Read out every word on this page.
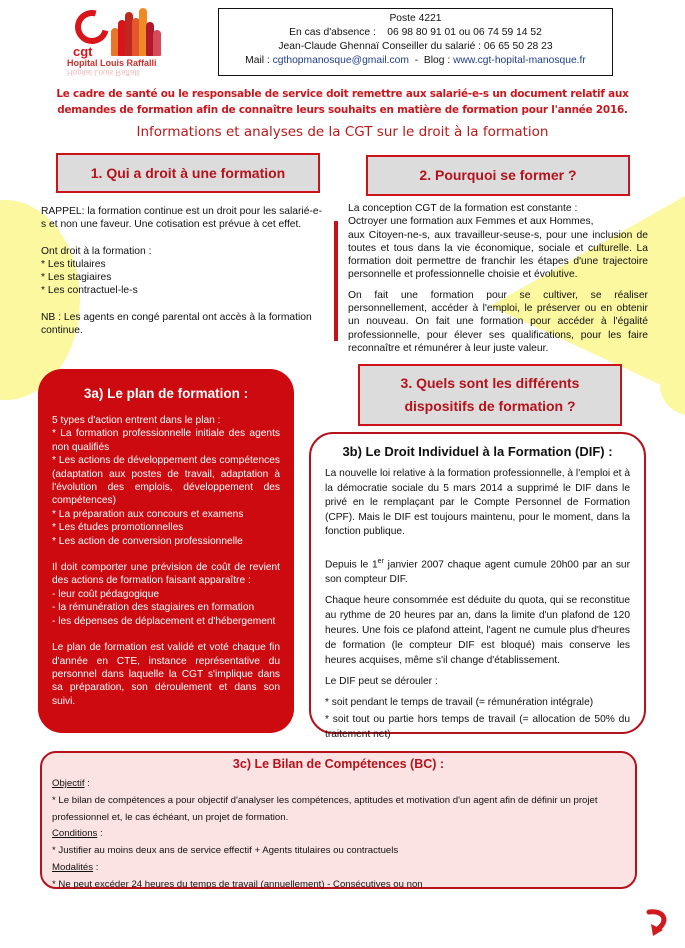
cgt
Hopital Louis Raffalli
Hopital Louis Raffalli
Poste 4221
En cas d'absence :    06 98 80 91 01 ou 06 74 59 14 52
Jean-Claude Ghennaï Conseiller du salarié : 06 65 50 28 23
Mail : cgthopmanosque@gmail.com  -  Blog : www.cgt-hopital-manosque.fr
Le cadre de santé ou le responsable de service doit remettre aux salarié-e-s un document relatif aux demandes de formation afin de connaître leurs souhaits en matière de formation pour l'année 2016.
Informations et analyses de la CGT sur le droit à la formation
1. Qui a droit à une formation

RAPPEL: la formation continue est un droit pour les salarié-e-s et non une faveur. Une cotisation est prévue à cet effet.

Ont droit à la formation :
* Les titulaires
* Les stagiaires
* Les contractuel-le-s

NB : Les agents en congé parental ont accès à la formation continue.

2. Pourquoi se former ?

La conception CGT de la formation est constante :
Octroyer une formation aux Femmes et aux Hommes,
aux Citoyen-ne-s, aux travailleur-seuse-s, pour une inclusion de toutes et tous dans la vie économique, sociale et culturelle. La formation doit permettre de franchir les étapes d'une trajectoire personnelle et professionnelle choisie et évolutive.

On fait une formation pour se cultiver, se réaliser personnellement, accéder à l'emploi, le préserver ou en obtenir un nouveau. On fait une formation pour accéder à l'égalité professionnelle, pour élever ses qualifications, pour les faire reconnaître et rémunérer à leur juste valeur.

3. Quels sont les différents
dispositifs de formation ?
3a) Le plan de formation :

5 types d'action entrent dans le plan :
* La formation professionnelle initiale des agents non qualifiés
* Les actions de développement des compétences (adaptation aux postes de travail, adaptation à l'évolution des emplois, développement des compétences)
* La préparation aux concours et examens
* Les études promotionnelles
* Les action de conversion professionnelle

Il doit comporter une prévision de coût de revient des actions de formation faisant apparaître :
- leur coût pédagogique
- la rémunération des stagiaires en formation
- les dépenses de déplacement et d'hébergement

Le plan de formation est validé et voté chaque fin d'année en CTE, instance représentative du personnel dans laquelle la CGT s'implique dans sa préparation, son déroulement et dans son suivi.

3b) Le Droit Individuel à la Formation (DIF) :

La nouvelle loi relative à la formation professionnelle, à l'emploi et à la démocratie sociale du 5 mars 2014 a supprimé le DIF dans le privé en le remplaçant par le Compte Personnel de Formation (CPF). Mais le DIF est toujours maintenu, pour le moment, dans la fonction publique.

Depuis le 1er janvier 2007 chaque agent cumule 20h00 par an sur son compteur DIF.

Chaque heure consommée est déduite du quota, qui se reconstitue au rythme de 20 heures par an, dans la limite d'un plafond de 120 heures. Une fois ce plafond atteint, l'agent ne cumule plus d'heures de formation (le compteur DIF est bloqué) mais conserve les heures acquises, même s'il change d'établissement.

Le DIF peut se dérouler :

* soit pendant le temps de travail (= rémunération intégrale)

* soit tout ou partie hors temps de travail (= allocation de 50% du traitement net)

3c) Le Bilan de Compétences (BC) :
Objectif :
* Le bilan de compétences a pour objectif d'analyser les compétences, aptitudes et motivation d'un agent afin de définir un projet professionnel et, le cas échéant, un projet de formation.
Conditions :
* Justifier au moins deux ans de service effectif + Agents titulaires ou contractuels
Modalités :
* Ne peut excéder 24 heures du temps de travail (annuellement) - Consécutives ou non
